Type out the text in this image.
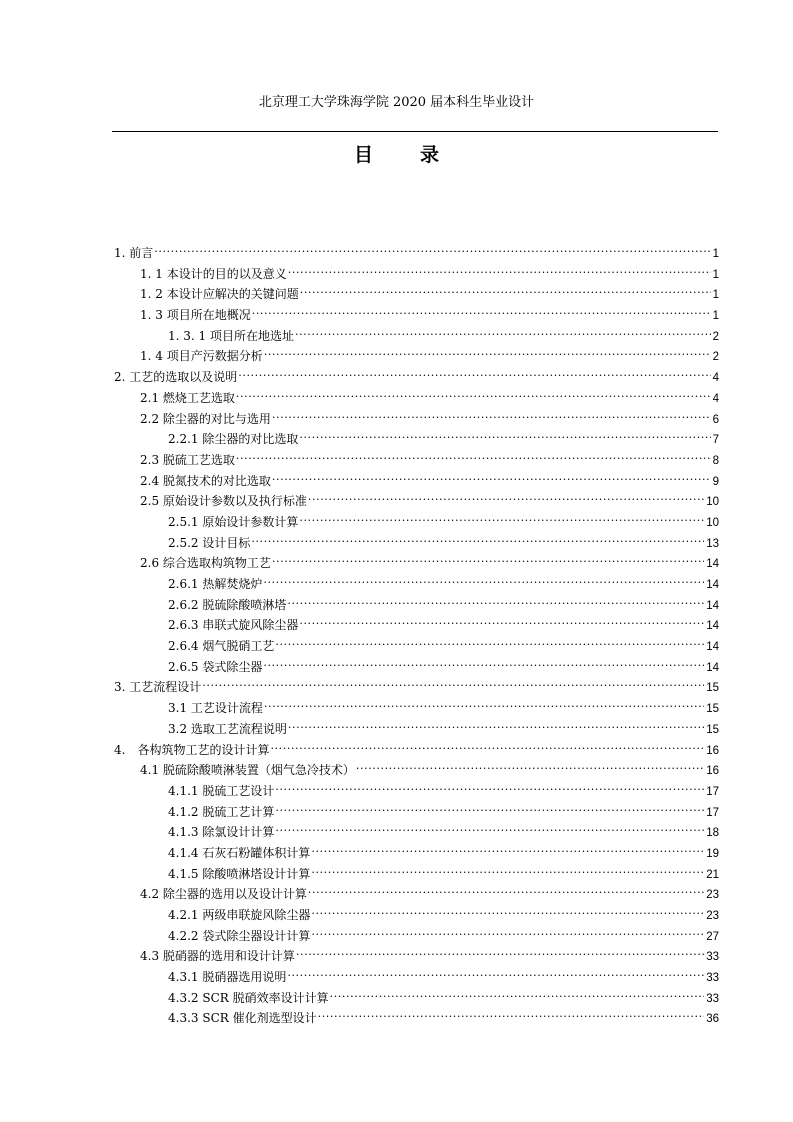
北京理工大学珠海学院 2020 届本科生毕业设计
目　录
1. 前言 .....	1
1. 1 本设计的目的以及意义 .....	1
1. 2 本设计应解决的关键问题 .....	1
1. 3 项目所在地概况 .....	1
1. 3. 1 项目所在地选址 .....	2
1. 4 项目产污数据分析 .....	2
2. 工艺的选取以及说明 .....	4
2.1 燃烧工艺选取 .....	4
2.2 除尘器的对比与选用 .....	6
2.2.1 除尘器的对比选取 .....	7
2.3 脱硫工艺选取 .....	8
2.4 脱氮技术的对比选取 .....	9
2.5 原始设计参数以及执行标准 .....	10
2.5.1 原始设计参数计算 .....	10
2.5.2 设计目标 .....	13
2.6 综合选取构筑物工艺 .....	14
2.6.1 热解焚烧炉 .....	14
2.6.2 脱硫除酸喷淋塔 .....	14
2.6.3 串联式旋风除尘器 .....	14
2.6.4 烟气脱硝工艺 .....	14
2.6.5 袋式除尘器 .....	14
3. 工艺流程设计 .....	15
3.1 工艺设计流程 .....	15
3.2 选取工艺流程说明 .....	15
4.　各构筑物工艺的设计计算 .....	16
4.1 脱硫除酸喷淋装置（烟气急冷技术） .....	16
4.1.1 脱硫工艺设计 .....	17
4.1.2 脱硫工艺计算 .....	17
4.1.3 除氯设计计算 .....	18
4.1.4 石灰石粉罐体积计算 .....	19
4.1.5 除酸喷淋塔设计计算 .....	21
4.2 除尘器的选用以及设计计算 .....	23
4.2.1 两级串联旋风除尘器 .....	23
4.2.2 袋式除尘器设计计算 .....	27
4.3 脱硝器的选用和设计计算 .....	33
4.3.1 脱硝器选用说明 .....	33
4.3.2 SCR 脱硝效率设计计算 .....	33
4.3.3 SCR 催化剂选型设计 .....	36
